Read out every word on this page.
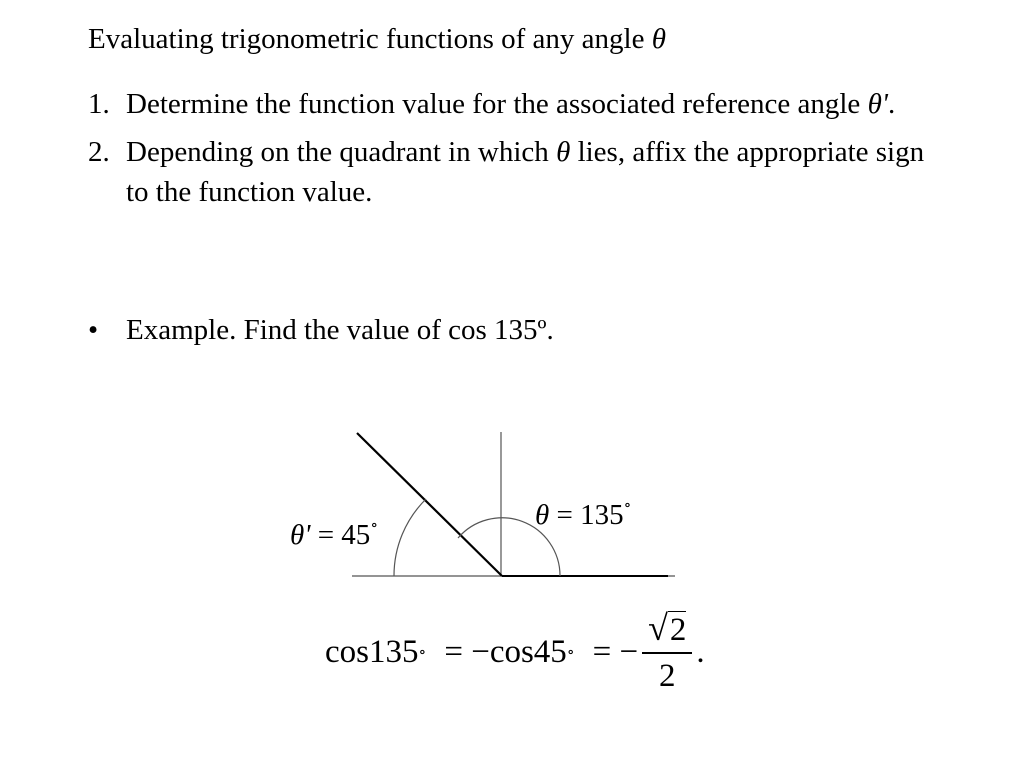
Evaluating trigonometric functions of any angle θ
1. Determine the function value for the associated reference angle θ'.
2. Depending on the quadrant in which θ lies, affix the appropriate sign to the function value.
• Example. Find the value of cos 135º.
θ' = 45∘	θ = 135∘
cos135 ∘ = −cos45 ∘ = − $\frac{√2}{2}$ .
